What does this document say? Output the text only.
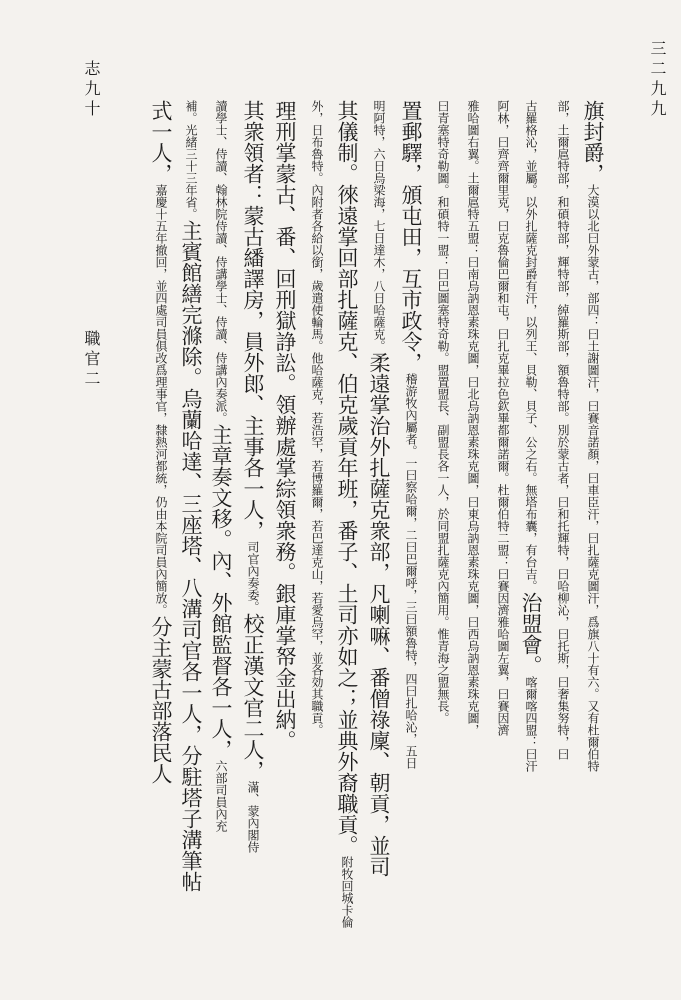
三二九九
志九十
職官二
旗封爵，大漠以北曰外蒙古，部四：曰土謝圖汗，曰賽音諾顏，曰車臣汗，曰扎薩克圖汗，爲旗八十有六。又有杜爾伯特
部，土爾扈特部，和碩特部，輝特部，綽羅斯部，額魯特部。別於蒙古者，曰和托輝特，曰哈柳沁，曰托斯，曰奢集努特，曰
古羅格沁，並屬。以外扎薩克封爵有汗，以列王、貝勒、貝子、公之右。無塔布囊，有台吉。治盟會。喀爾喀四盟：曰汗
阿林，曰齊齊爾里克，曰克魯倫巴爾和屯，曰扎克畢拉色欽畢都爾諾爾。杜爾伯特二盟：曰賽因濟雅哈圖左翼，曰賽因濟
雅哈圖右翼。土爾扈特五盟：曰南烏訥恩素珠克圖，曰北烏訥恩素珠克圖，曰東烏訥恩素珠克圖，曰西烏訥恩素珠克圖，
曰青塞特奇勒圖。和碩特一盟：曰巴圖塞特奇勒。盟置盟長、副盟長各一人，於同盟扎薩克內簡用。惟青海之盟無長。
置郵驛，頒屯田，互市政令，稽游牧內屬者。一曰察哈爾，二曰巴爾呼，三曰額魯特，四曰扎哈沁，五日
明阿特，六日烏梁海，七日達木，八日哈薩克。柔遠掌治外扎薩克衆部，凡喇嘛、番僧祿廩、朝貢，並司
其儀制。徠遠掌回部扎薩克、伯克歲貢年班，番子、土司亦如之；並典外裔職貢。附牧回城卡倫
外，日布魯特。內附者各給以銜，歲遣使輪馬。他哈薩克，若浩罕，若博羅爾，若巴達克山，若愛烏罕，並各効其職貢。
理刑掌蒙古、番、回刑獄諍訟。領辦處掌綜領衆務。銀庫掌帑金出納。
其衆領者：蒙古繙譯房，員外郎、主事各一人，司官內奏委。校正漢文官二人，滿、蒙內閣侍
讀學士、侍讀、翰林院侍讀、侍講學士、侍讀、侍講內奏派。主章奏文移。內、外館監督各一人，六部司員內充
補。光緒三十三年省。主賓館繕完滌除。烏蘭哈達、三座塔、八溝司官各一人，分駐塔子溝筆帖
式一人，嘉慶十五年撤回，並四處司員俱改爲理事官，隸熱河都統，仍由本院司員內簡放。分主蒙古部落民人
